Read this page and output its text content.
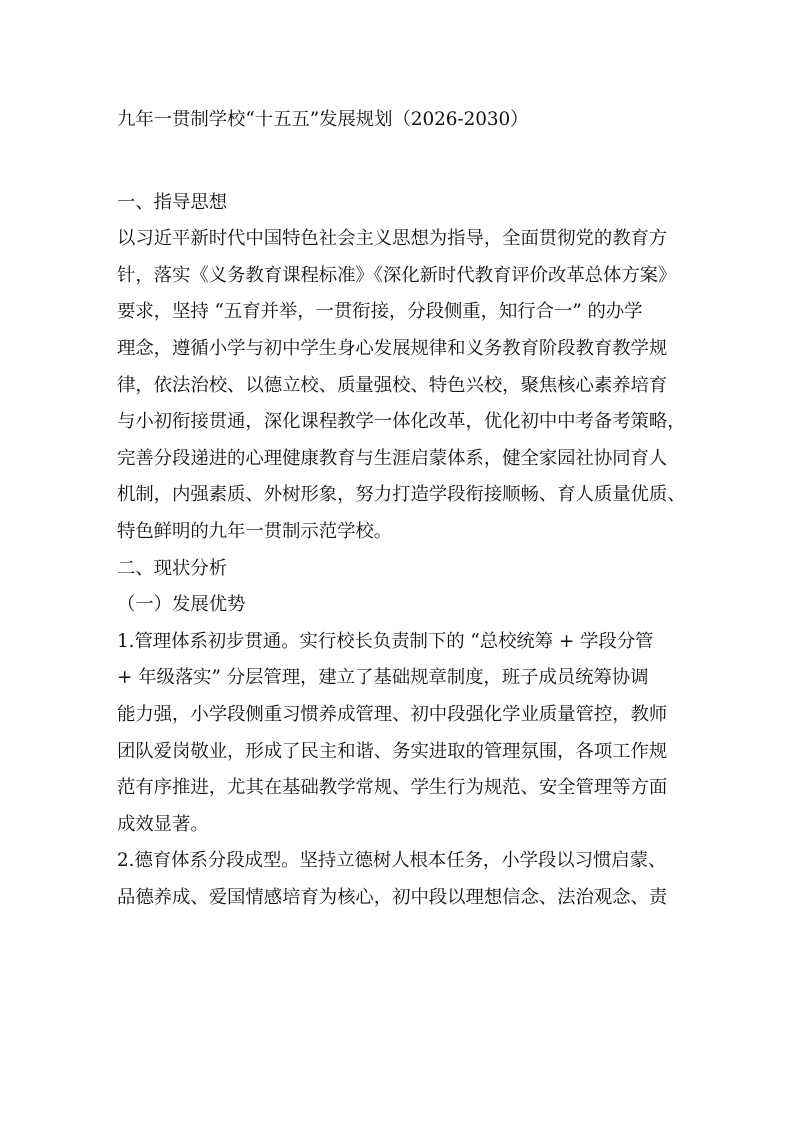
九年一贯制学校“十五五”发展规划（2026-2030）
一、指导思想
以习近平新时代中国特色社会主义思想为指导，全面贯彻党的教育方
针，落实《义务教育课程标准》《深化新时代教育评价改革总体方案》
要求，坚持 “五育并举，一贯衔接，分段侧重，知行合一” 的办学
理念，遵循小学与初中学生身心发展规律和义务教育阶段教育教学规
律，依法治校、以德立校、质量强校、特色兴校，聚焦核心素养培育
与小初衔接贯通，深化课程教学一体化改革，优化初中中考备考策略，
完善分段递进的心理健康教育与生涯启蒙体系，健全家园社协同育人
机制，内强素质、外树形象，努力打造学段衔接顺畅、育人质量优质、
特色鲜明的九年一贯制示范学校。
二、现状分析
（一）发展优势
1.管理体系初步贯通。实行校长负责制下的 “总校统筹 + 学段分管
+ 年级落实” 分层管理，建立了基础规章制度，班子成员统筹协调
能力强，小学段侧重习惯养成管理、初中段强化学业质量管控，教师
团队爱岗敬业，形成了民主和谐、务实进取的管理氛围，各项工作规
范有序推进，尤其在基础教学常规、学生行为规范、安全管理等方面
成效显著。
2.德育体系分段成型。坚持立德树人根本任务，小学段以习惯启蒙、
品德养成、爱国情感培育为核心，初中段以理想信念、法治观念、责
